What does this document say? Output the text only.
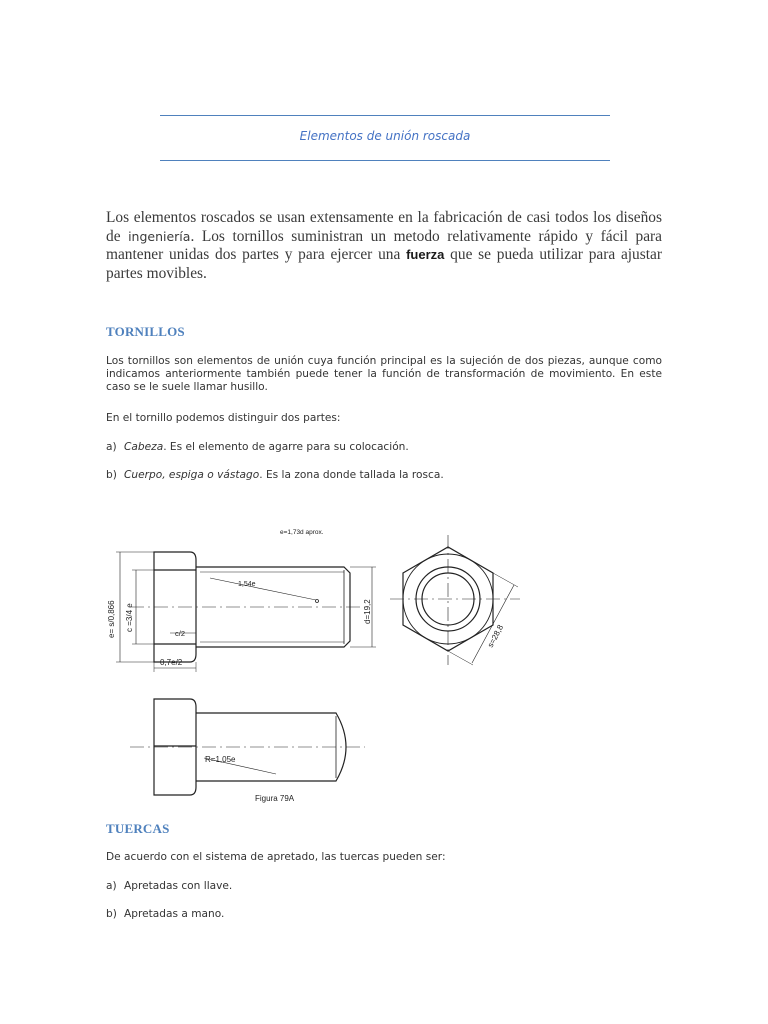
Elementos de unión roscada

Los elementos roscados se usan extensamente en la fabricación de casi todos los diseños de ingeniería. Los tornillos suministran un metodo relativamente rápido y fácil para mantener unidas dos partes y para ejercer una fuerza que se pueda utilizar para ajustar partes movibles.

TORNILLOS

Los tornillos son elementos de unión cuya función principal es la sujeción de dos piezas, aunque como indicamos anteriormente también puede tener la función de transformación de movimiento. En este caso se le suele llamar husillo.

En el tornillo podemos distinguir dos partes:

a) Cabeza. Es el elemento de agarre para su colocación.
b) Cuerpo, espiga o vástago. Es la zona donde tallada la rosca.
e=1,73d aprox.
e= s/0,866 c =3/4 e
1,54e
c/2
0,7e/2
d=19,2
s=28,8
R=1,05e
Figura 79A
TUERCAS

De acuerdo con el sistema de apretado, las tuercas pueden ser:

a) Apretadas con llave.
b) Apretadas a mano.
